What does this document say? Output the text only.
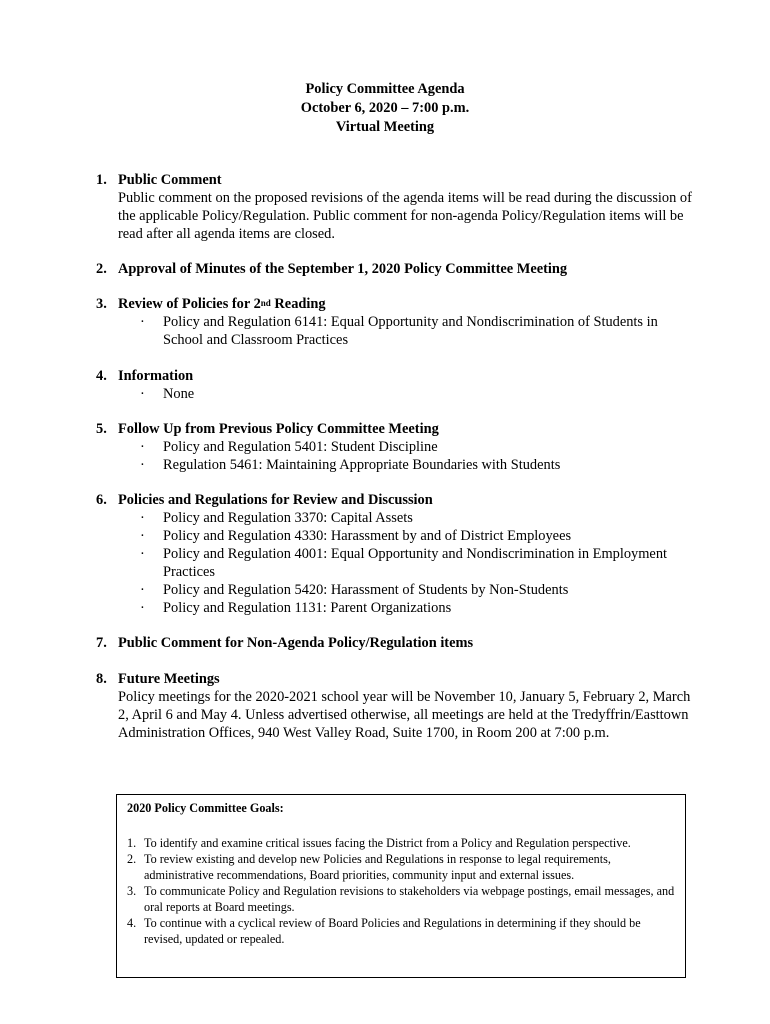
Policy Committee Agenda
October 6, 2020 – 7:00 p.m.
Virtual Meeting
1. Public Comment
Public comment on the proposed revisions of the agenda items will be read during the discussion of the applicable Policy/Regulation. Public comment for non-agenda Policy/Regulation items will be read after all agenda items are closed.
2. Approval of Minutes of the September 1, 2020 Policy Committee Meeting
3. Review of Policies for 2nd Reading
· Policy and Regulation 6141: Equal Opportunity and Nondiscrimination of Students in School and Classroom Practices
4. Information
· None
5. Follow Up from Previous Policy Committee Meeting
· Policy and Regulation 5401: Student Discipline
· Regulation 5461: Maintaining Appropriate Boundaries with Students
6. Policies and Regulations for Review and Discussion
· Policy and Regulation 3370: Capital Assets
· Policy and Regulation 4330: Harassment by and of District Employees
· Policy and Regulation 4001: Equal Opportunity and Nondiscrimination in Employment Practices
· Policy and Regulation 5420: Harassment of Students by Non-Students
· Policy and Regulation 1131: Parent Organizations
7. Public Comment for Non-Agenda Policy/Regulation items
8. Future Meetings
Policy meetings for the 2020-2021 school year will be November 10, January 5, February 2, March 2, April 6 and May 4. Unless advertised otherwise, all meetings are held at the Tredyffrin/Easttown Administration Offices, 940 West Valley Road, Suite 1700, in Room 200 at 7:00 p.m.
2020 Policy Committee Goals:
1. To identify and examine critical issues facing the District from a Policy and Regulation perspective.
2. To review existing and develop new Policies and Regulations in response to legal requirements, administrative recommendations, Board priorities, community input and external issues.
3. To communicate Policy and Regulation revisions to stakeholders via webpage postings, email messages, and oral reports at Board meetings.
4. To continue with a cyclical review of Board Policies and Regulations in determining if they should be revised, updated or repealed.
